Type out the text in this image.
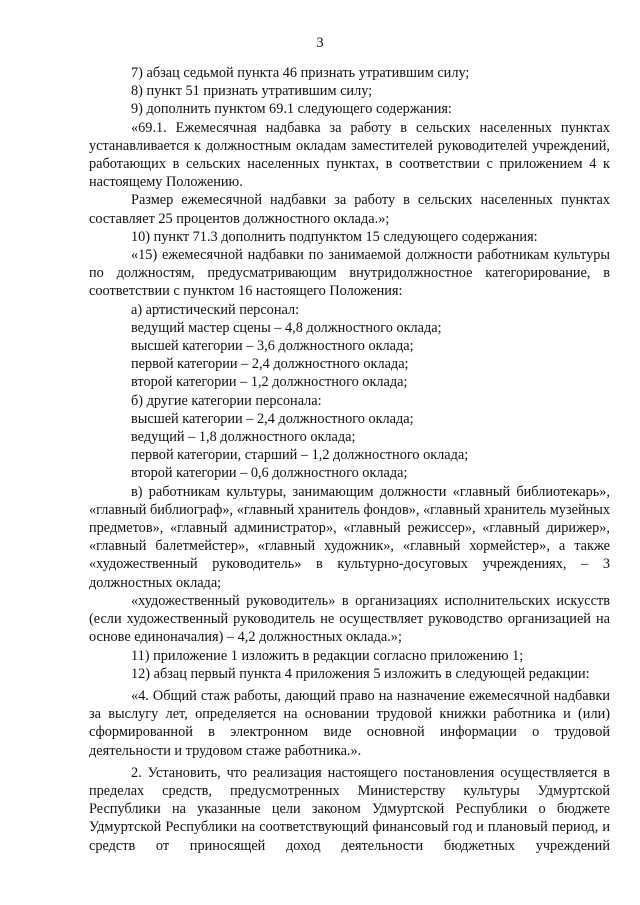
3

7) абзац седьмой пункта 46 признать утратившим силу;

8) пункт 51 признать утратившим силу;

9) дополнить пунктом 69.1 следующего содержания:

«69.1. Ежемесячная надбавка за работу в сельских населенных пунктах устанавливается к должностным окладам заместителей руководителей учреждений, работающих в сельских населенных пунктах, в соответствии с приложением 4 к настоящему Положению.

Размер ежемесячной надбавки за работу в сельских населенных пунктах составляет 25 процентов должностного оклада.»;

10) пункт 71.3 дополнить подпунктом 15 следующего содержания:

«15) ежемесячной надбавки по занимаемой должности работникам культуры по должностям, предусматривающим внутридолжностное категорирование, в соответствии с пунктом 16 настоящего Положения:

а) артистический персонал:

ведущий мастер сцены – 4,8 должностного оклада;

высшей категории – 3,6 должностного оклада;

первой категории – 2,4 должностного оклада;

второй категории – 1,2 должностного оклада;

б) другие категории персонала:

высшей категории – 2,4 должностного оклада;

ведущий – 1,8 должностного оклада;

первой категории, старший – 1,2 должностного оклада;

второй категории – 0,6 должностного оклада;

в) работникам культуры, занимающим должности «главный библиотекарь», «главный библиограф», «главный хранитель фондов», «главный хранитель музейных предметов», «главный администратор», «главный режиссер», «главный дирижер», «главный балетмейстер», «главный художник», «главный хормейстер», а также «художественный руководитель» в культурно-досуговых учреждениях, – 3 должностных оклада;

«художественный руководитель» в организациях исполнительских искусств (если художественный руководитель не осуществляет руководство организацией на основе единоначалия) – 4,2 должностных оклада.»;

11) приложение 1 изложить в редакции согласно приложению 1;

12) абзац первый пункта 4 приложения 5 изложить в следующей редакции:

«4. Общий стаж работы, дающий право на назначение ежемесячной надбавки за выслугу лет, определяется на основании трудовой книжки работника и (или) сформированной в электронном виде основной информации о трудовой деятельности и трудовом стаже работника.».

2. Установить, что реализация настоящего постановления осуществляется в пределах средств, предусмотренных Министерству культуры Удмуртской Республики на указанные цели законом Удмуртской Республики о бюджете Удмуртской Республики на соответствующий финансовый год и плановый период, и средств от приносящей доход деятельности бюджетных учреждений
